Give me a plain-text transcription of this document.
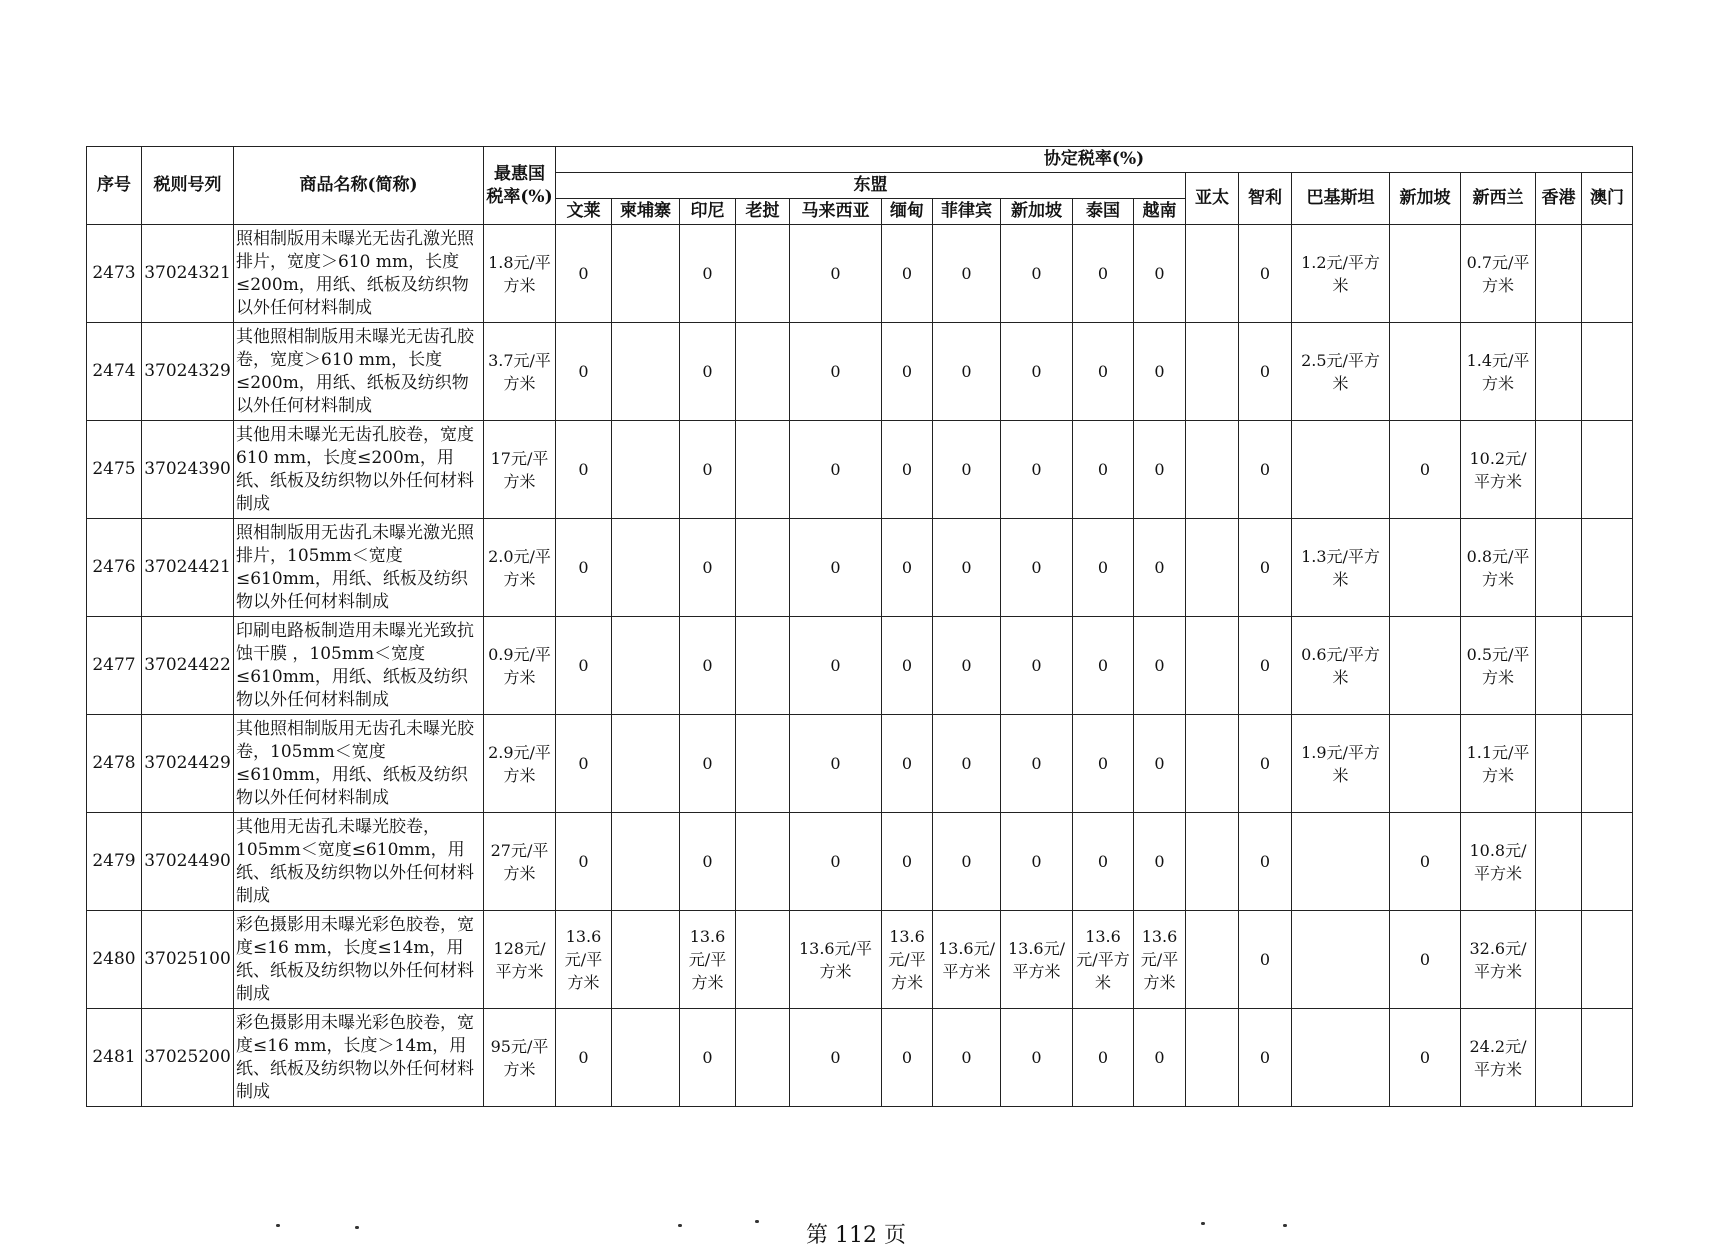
序号	税则号列	商品名称(简称)	最惠国税率(%)	协定税率(%)																
				东盟										亚太	智利	巴基斯坦	新加坡	新西兰	香港	澳门
				文莱	柬埔寨	印尼	老挝	马来西亚	缅甸	菲律宾	新加坡	泰国	越南							
2473	37024321	照相制版用未曝光无齿孔激光照排片，宽度＞610 mm，长度≤200m，用纸、纸板及纺织物以外任何材料制成	1.8元/平方米	0		0		0	0	0	0	0	0		0	1.2元/平方米		0.7元/平方米		
2474	37024329	其他照相制版用未曝光无齿孔胶卷，宽度＞610 mm，长度≤200m，用纸、纸板及纺织物以外任何材料制成	3.7元/平方米	0		0		0	0	0	0	0	0		0	2.5元/平方米		1.4元/平方米		
2475	37024390	其他用未曝光无齿孔胶卷，宽度610 mm，长度≤200m，用纸、纸板及纺织物以外任何材料制成	17元/平方米	0		0		0	0	0	0	0	0		0		0	10.2元/平方米		
2476	37024421	照相制版用无齿孔未曝光激光照排片，105mm＜宽度≤610mm，用纸、纸板及纺织物以外任何材料制成	2.0元/平方米	0		0		0	0	0	0	0	0		0	1.3元/平方米		0.8元/平方米		
2477	37024422	印刷电路板制造用未曝光光致抗蚀干膜 ，105mm＜宽度≤610mm，用纸、纸板及纺织物以外任何材料制成	0.9元/平方米	0		0		0	0	0	0	0	0		0	0.6元/平方米		0.5元/平方米		
2478	37024429	其他照相制版用无齿孔未曝光胶卷，105mm＜宽度≤610mm，用纸、纸板及纺织物以外任何材料制成	2.9元/平方米	0		0		0	0	0	0	0	0		0	1.9元/平方米		1.1元/平方米		
2479	37024490	其他用无齿孔未曝光胶卷，105mm＜宽度≤610mm，用纸、纸板及纺织物以外任何材料制成	27元/平方米	0		0		0	0	0	0	0	0		0		0	10.8元/平方米		
2480	37025100	彩色摄影用未曝光彩色胶卷，宽度≤16 mm，长度≤14m，用纸、纸板及纺织物以外任何材料制成	128元/平方米	13.6元/平方米		13.6元/平方米		13.6元/平方米	13.6元/平方米	13.6元/平方米	13.6元/平方米	13.6元/平方米	13.6元/平方米		0		0	32.6元/平方米		
2481	37025200	彩色摄影用未曝光彩色胶卷，宽度≤16 mm，长度＞14m，用纸、纸板及纺织物以外任何材料制成	95元/平方米	0		0		0	0	0	0	0	0		0		0	24.2元/平方米		
第 112 页
